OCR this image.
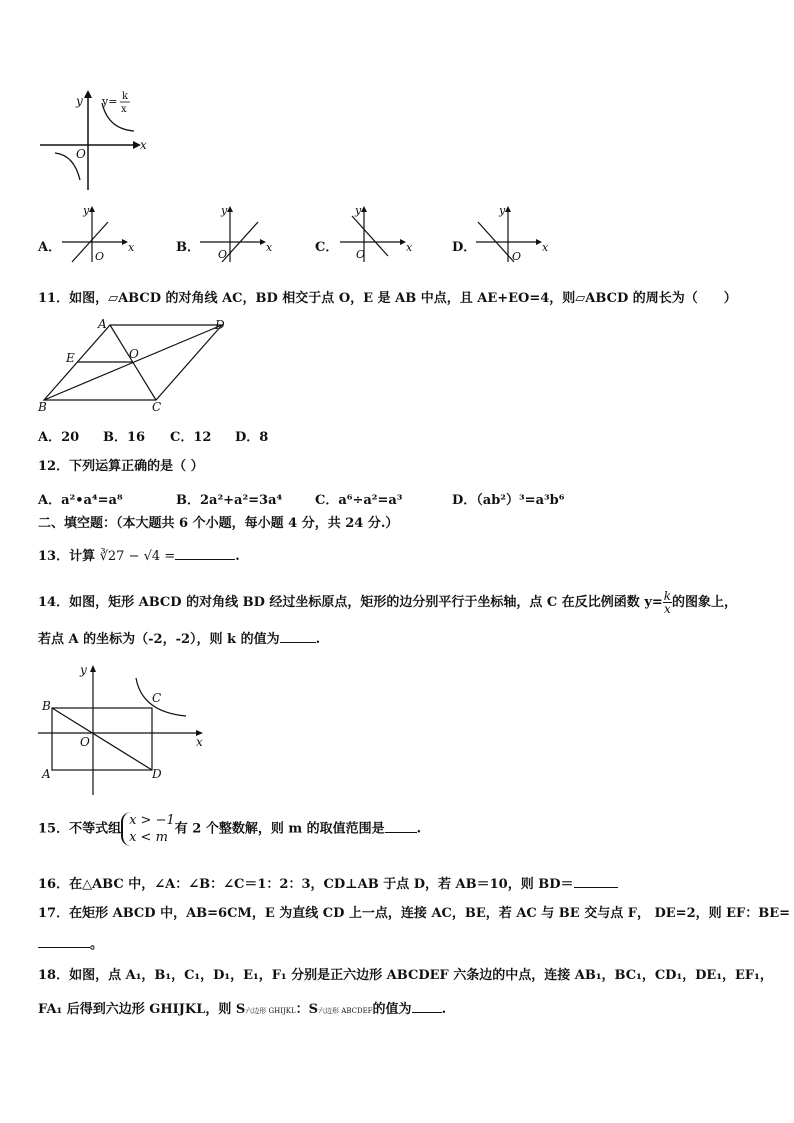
x
y
O
y= k
x
A．	x
y
O
B．	x
y
O	C．	x
y
O	D．	x
y
O
11．如图，▱ABCD 的对角线 AC，BD 相交于点 O，E 是 AB 中点，且 AE+EO=4，则▱ABCD 的周长为（　　）
A	D
E	O
B	C
A．20 B．16 C．12 D．8
12．下列运算正确的是（ ）
A．a²•a⁴=a⁸	B．2a²+a²=3a⁴	C．a⁶÷a²=a³	D．（ab²）³=a³b⁶
二、填空题：（本大题共 6 个小题，每小题 4 分，共 24 分.）
13．计算 ∛27 − √4 =	.
14．如图，矩形 ABCD 的对角线 BD 经过坐标原点，矩形的边分别平行于坐标轴，点 C 在反比例函数 $y= \frac{k}{x}$ 的图象上，
若点 A 的坐标为（-2，-2），则 k 的值为	.
x
y
O
B
C
A	D
15．不等式组
x > −1
x < m
有 2 个整数解，则 m 的取值范围是 .
16．在△ABC 中，∠A：∠B：∠C＝1：2：3，CD⊥AB 于点 D，若 AB＝10，则 BD＝
17．在矩形 ABCD 中，AB=6CM，E 为直线 CD 上一点，连接 AC，BE，若 AC 与 BE 交与点 F， DE=2，则 EF：BE=
。
18．如图，点 A₁，B₁，C₁，D₁，E₁，F₁ 分别是正六边形 ABCDEF 六条边的中点，连接 AB₁，BC₁，CD₁，DE₁，EF₁，
FA₁ 后得到六边形 GHIJKL，则 S六边形 GHIJKL：S六边形 ABCDEF的值为 .
